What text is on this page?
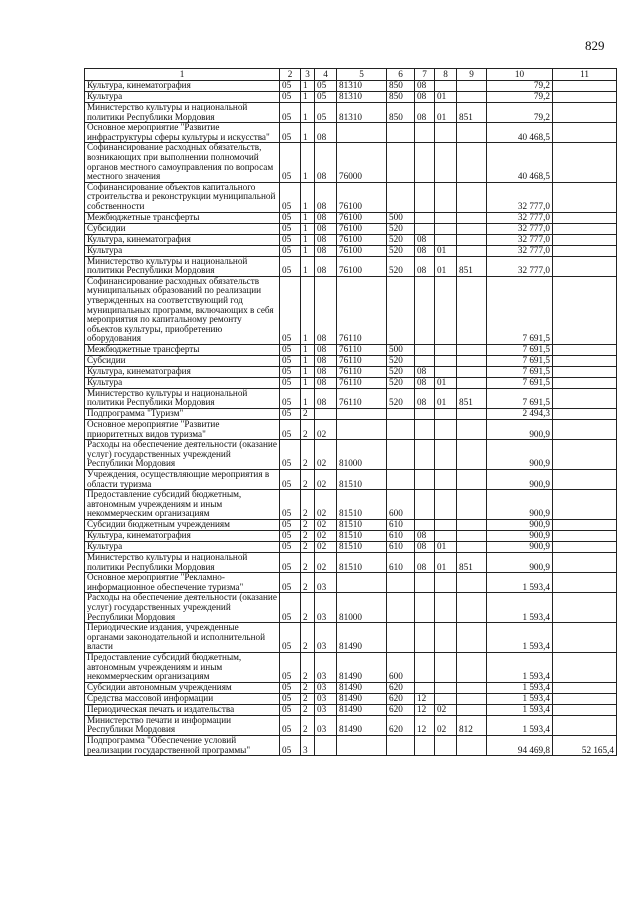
829
1	2	3	4	5	6	7	8	9	10	11
Культура, кинематография	05	1	05	81310	850	08			79,2	
Культура	05	1	05	81310	850	08	01		79,2	
Министерство культуры и национальной политики Республики Мордовия	05	1	05	81310	850	08	01	851	79,2	
Основное мероприятие "Развитие инфраструктуры сферы культуры и искусства"	05	1	08						40 468,5	
Софинансирование расходных обязательств, возникающих при выполнении полномочий органов местного самоуправления по вопросам местного значения	05	1	08	76000					40 468,5	
Софинансирование объектов капитального строительства и реконструкции муниципальной собственности	05	1	08	76100					32 777,0	
Межбюджетные трансферты	05	1	08	76100	500				32 777,0	
Субсидии	05	1	08	76100	520				32 777,0	
Культура, кинематография	05	1	08	76100	520	08			32 777,0	
Культура	05	1	08	76100	520	08	01		32 777,0	
Министерство культуры и национальной политики Республики Мордовия	05	1	08	76100	520	08	01	851	32 777,0	
Софинансирование расходных обязательств муниципальных образований по реализации утвержденных на соответствующий год муниципальных программ, включающих в себя мероприятия по капитальному ремонту объектов культуры, приобретению оборудования	05	1	08	76110					7 691,5	
Межбюджетные трансферты	05	1	08	76110	500				7 691,5	
Субсидии	05	1	08	76110	520				7 691,5	
Культура, кинематография	05	1	08	76110	520	08			7 691,5	
Культура	05	1	08	76110	520	08	01		7 691,5	
Министерство культуры и национальной политики Республики Мордовия	05	1	08	76110	520	08	01	851	7 691,5	
Подпрограмма "Туризм"	05	2							2 494,3	
Основное мероприятие "Развитие приоритетных видов туризма"	05	2	02						900,9	
Расходы на обеспечение деятельности (оказание услуг) государственных учреждений Республики Мордовия	05	2	02	81000					900,9	
Учреждения, осуществляющие мероприятия в области туризма	05	2	02	81510					900,9	
Предоставление субсидий бюджетным, автономным учреждениям и иным некоммерческим организациям	05	2	02	81510	600				900,9	
Субсидии бюджетным учреждениям	05	2	02	81510	610				900,9	
Культура, кинематография	05	2	02	81510	610	08			900,9	
Культура	05	2	02	81510	610	08	01		900,9	
Министерство культуры и национальной политики Республики Мордовия	05	2	02	81510	610	08	01	851	900,9	
Основное мероприятие "Рекламно-информационное обеспечение туризма"	05	2	03						1 593,4	
Расходы на обеспечение деятельности (оказание услуг) государственных учреждений Республики Мордовия	05	2	03	81000					1 593,4	
Периодические издания, учрежденные органами законодательной и исполнительной власти	05	2	03	81490					1 593,4	
Предоставление субсидий бюджетным, автономным учреждениям и иным некоммерческим организациям	05	2	03	81490	600				1 593,4	
Субсидии автономным учреждениям	05	2	03	81490	620				1 593,4	
Средства массовой информации	05	2	03	81490	620	12			1 593,4	
Периодическая печать и издательства	05	2	03	81490	620	12	02		1 593,4	
Министерство печати и информации Республики Мордовия	05	2	03	81490	620	12	02	812	1 593,4	
Подпрограмма "Обеспечение условий реализации государственной программы"	05	3							94 469,8	52 165,4
